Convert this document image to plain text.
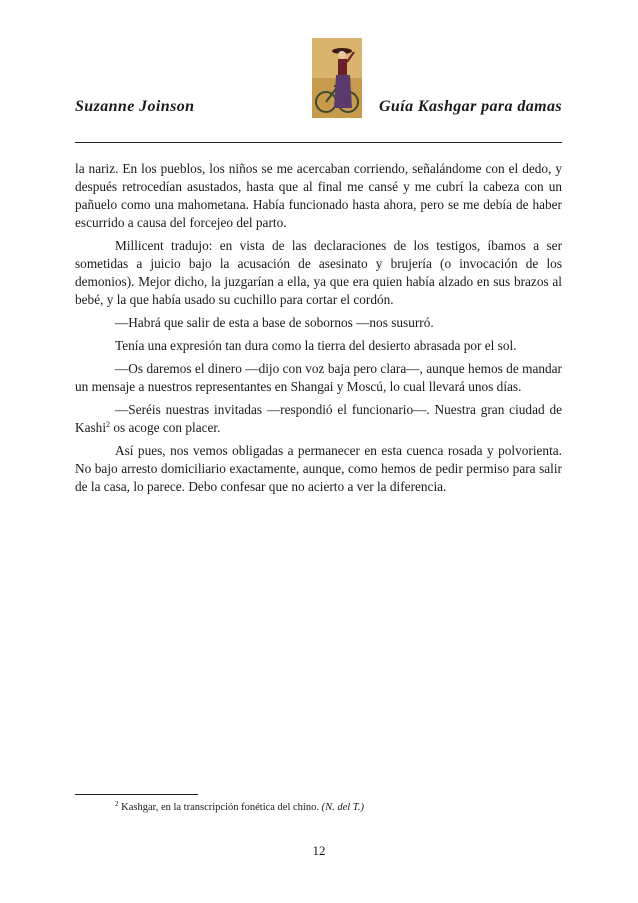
Suzanne Joinson	Guía Kashgar para damas

la nariz. En los pueblos, los niños se me acercaban corriendo, señalándome con el dedo, y después retrocedían asustados, hasta que al final me cansé y me cubrí la cabeza con un pañuelo como una mahometana. Había funcionado hasta ahora, pero se me debía de haber escurrido a causa del forcejeo del parto.

Millicent tradujo: en vista de las declaraciones de los testigos, íbamos a ser sometidas a juicio bajo la acusación de asesinato y brujería (o invocación de los demonios). Mejor dicho, la juzgarían a ella, ya que era quien había alzado en sus brazos al bebé, y la que había usado su cuchillo para cortar el cordón.

—Habrá que salir de esta a base de sobornos —nos susurró.

Tenía una expresión tan dura como la tierra del desierto abrasada por el sol.

—Os daremos el dinero —dijo con voz baja pero clara—, aunque hemos de mandar un mensaje a nuestros representantes en Shangai y Moscú, lo cual llevará unos días.

—Seréis nuestras invitadas —respondió el funcionario—. Nuestra gran ciudad de Kashi$^2$ os acoge con placer.

Así pues, nos vemos obligadas a permanecer en esta cuenca rosada y polvorienta. No bajo arresto domiciliario exactamente, aunque, como hemos de pedir permiso para salir de la casa, lo parece. Debo confesar que no acierto a ver la diferencia.

$^2$ Kashgar, en la transcripción fonética del chino. (N. del T.)
12
